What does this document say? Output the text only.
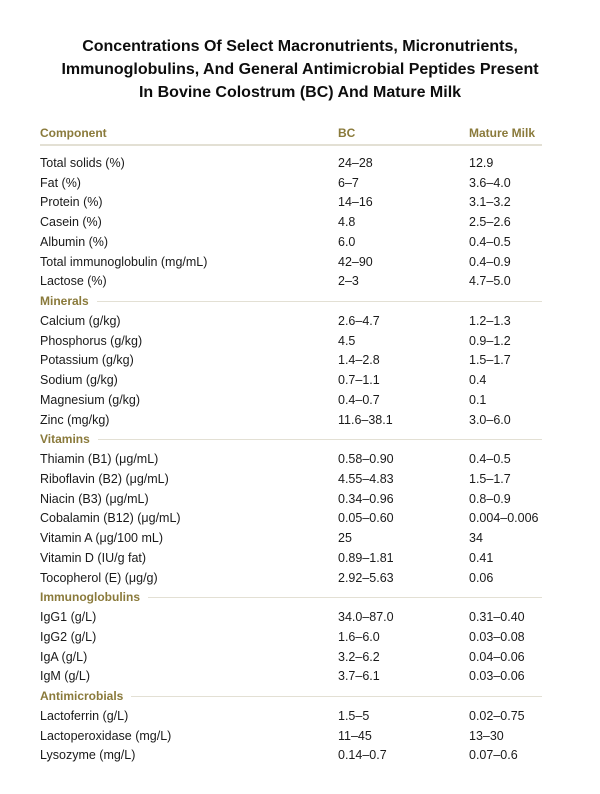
Concentrations Of Select Macronutrients, Micronutrients,
Immunoglobulins, And General Antimicrobial Peptides Present
In Bovine Colostrum (BC) And Mature Milk
Component	BC	Mature Milk
Total solids (%)	24–28	12.9
Fat (%)	6–7	3.6–4.0
Protein (%)	14–16	3.1–3.2
Casein (%)	4.8	2.5–2.6
Albumin (%)	6.0	0.4–0.5
Total immunoglobulin (mg/mL)	42–90	0.4–0.9
Lactose (%)	2–3	4.7–5.0
Minerals
Calcium (g/kg)	2.6–4.7	1.2–1.3
Phosphorus (g/kg)	4.5	0.9–1.2
Potassium (g/kg)	1.4–2.8	1.5–1.7
Sodium (g/kg)	0.7–1.1	0.4
Magnesium (g/kg)	0.4–0.7	0.1
Zinc (mg/kg)	11.6–38.1	3.0–6.0
Vitamins
Thiamin (B1) (μg/mL)	0.58–0.90	0.4–0.5
Riboflavin (B2) (μg/mL)	4.55–4.83	1.5–1.7
Niacin (B3) (μg/mL)	0.34–0.96	0.8–0.9
Cobalamin (B12) (μg/mL)	0.05–0.60	0.004–0.006
Vitamin A (μg/100 mL)	25	34
Vitamin D (IU/g fat)	0.89–1.81	0.41
Tocopherol (E) (μg/g)	2.92–5.63	0.06
Immunoglobulins
IgG1 (g/L)	34.0–87.0	0.31–0.40
IgG2 (g/L)	1.6–6.0	0.03–0.08
IgA (g/L)	3.2–6.2	0.04–0.06
IgM (g/L)	3.7–6.1	0.03–0.06
Antimicrobials
Lactoferrin (g/L)	1.5–5	0.02–0.75
Lactoperoxidase (mg/L)	11–45	13–30
Lysozyme (mg/L)	0.14–0.7	0.07–0.6
